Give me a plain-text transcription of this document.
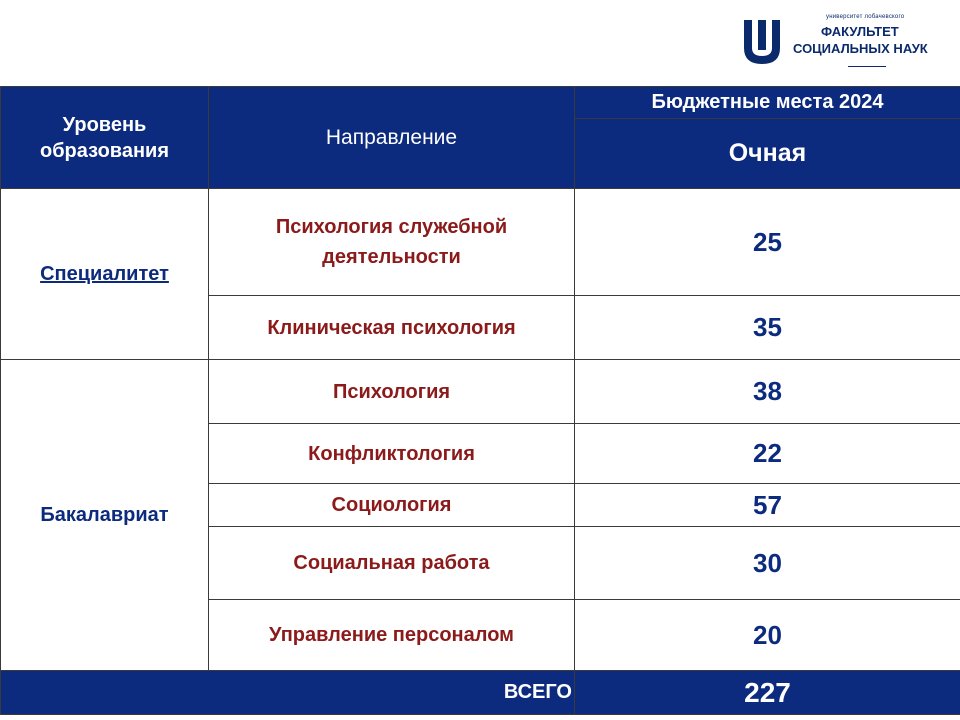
университет лобачевского
ФАКУЛЬТЕТ
СОЦИАЛЬНЫХ НАУК
Уровень образования	Направление	Бюджетные места 2024
		Очная
Специалитет	Психология служебной деятельности	25
	Клиническая психология	35
Бакалавриат	Психология	38
	Конфликтология	22
	Социология	57
	Социальная работа	30
	Управление персоналом	20
ВСЕГО		227
